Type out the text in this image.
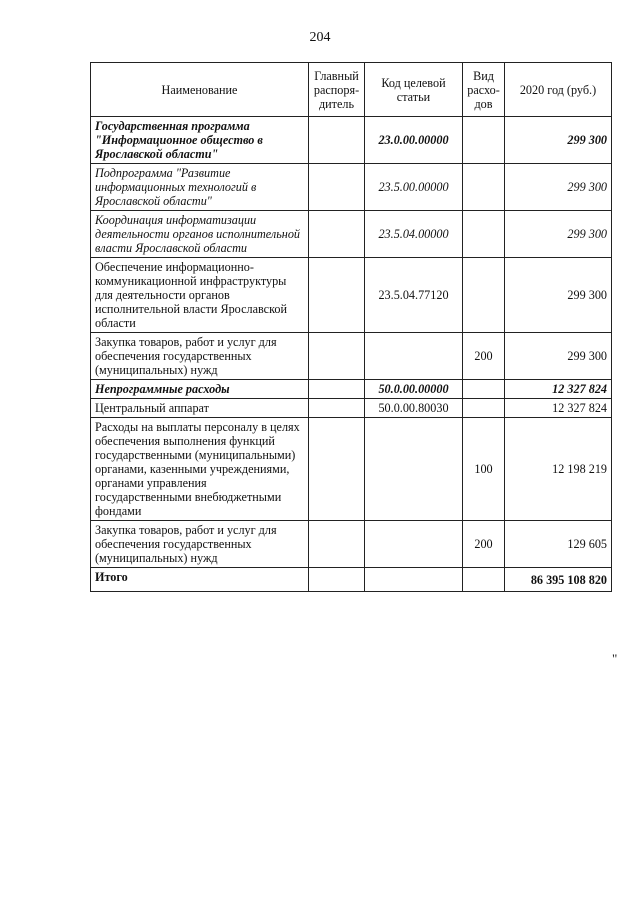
204
Наименование	Главный распоря-дитель	Код целевой статьи	Вид расхо-дов	2020 год (руб.)
Государственная программа "Информационное общество в Ярославской области"		23.0.00.00000		299 300
Подпрограмма "Развитие информационных технологий в Ярославской области"		23.5.00.00000		299 300
Координация информатизации деятельности органов исполнительной власти Ярославской области		23.5.04.00000		299 300
Обеспечение информационно-коммуникационной инфраструктуры для деятельности органов исполнительной власти Ярославской области		23.5.04.77120		299 300
Закупка товаров, работ и услуг для обеспечения государственных (муниципальных) нужд			200	299 300
Непрограммные расходы		50.0.00.00000		12 327 824
Центральный аппарат		50.0.00.80030		12 327 824
Расходы на выплаты персоналу в целях обеспечения выполнения функций государственными (муниципальными) органами, казенными учреждениями, органами управления государственными внебюджетными фондами			100	12 198 219
Закупка товаров, работ и услуг для обеспечения государственных (муниципальных) нужд			200	129 605
Итого				86 395 108 820
"
